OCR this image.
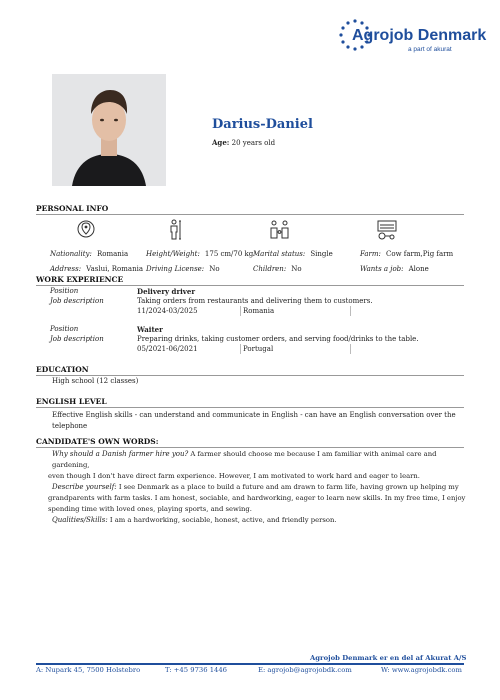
Agrojob Denmark
a part of akurat
Darius-Daniel
Age: 20 years old
PERSONAL INFO
Nationality: Romania
Address: Vaslui, Romania
Height/Weight: 175 cm/70 kg
Driving License: No
Marital status: Single
Children: No
Farm: Cow farm,Pig farm
Wants a job: Alone
WORK EXPERIENCE
Position	Delivery driver
Job description	Taking orders from restaurants and delivering them to customers.
11/2024-03/2025	Romania
Position	Waiter
Job description	Preparing drinks, taking customer orders, and serving food/drinks to the table.
05/2021-06/2021	Portugal
EDUCATION
High school (12 classes)
ENGLISH LEVEL
Effective English skills - can understand and communicate in English - can have an English conversation over the
telephone
CANDIDATE'S OWN WORDS:
Why should a Danish farmer hire you? A farmer should choose me because I am familiar with animal care and gardening,
even though I don't have direct farm experience. However, I am motivated to work hard and eager to learn.
Describe yourself: I see Denmark as a place to build a future and am drawn to farm life, having grown up helping my
grandparents with farm tasks. I am honest, sociable, and hardworking, eager to learn new skills. In my free time, I enjoy
spending time with loved ones, playing sports, and sewing.
Qualities/Skills: I am a hardworking, sociable, honest, active, and friendly person.
Agrojob Denmark er en del af Akurat A/S
A: Nupark 45, 7500 Holstebro	T: +45 9736 1446	E: agrojob@agrojobdk.com	W: www.agrojobdk.com
